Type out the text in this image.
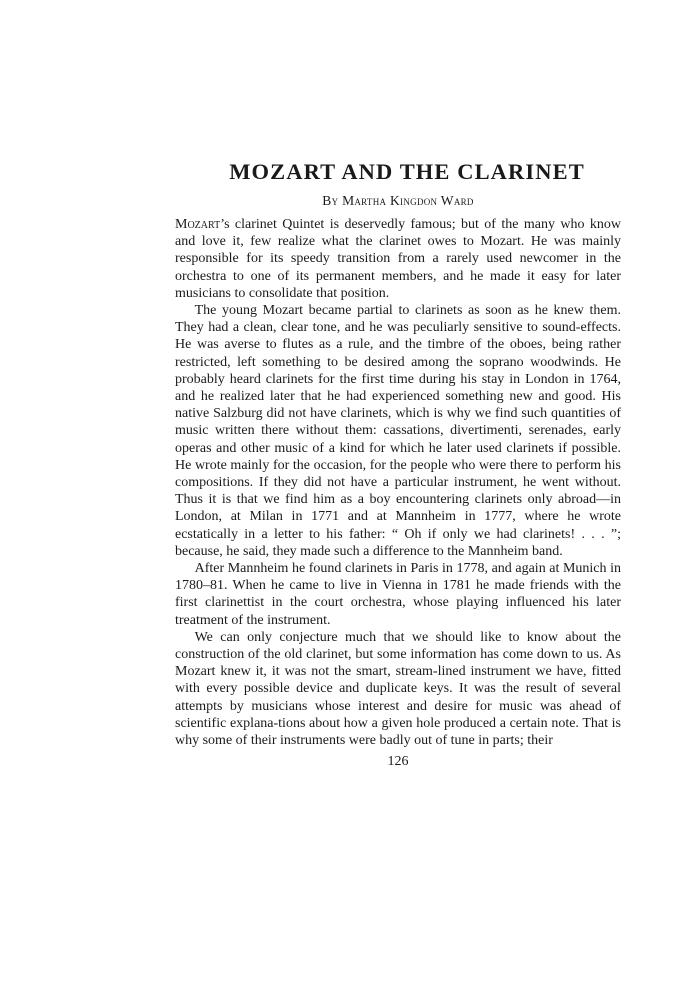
MOZART AND THE CLARINET
By Martha Kingdon Ward

Mozart’s clarinet Quintet is deservedly famous; but of the many who know and love it, few realize what the clarinet owes to Mozart. He was mainly responsible for its speedy transition from a rarely used newcomer in the orchestra to one of its permanent members, and he made it easy for later musicians to consolidate that position.

The young Mozart became partial to clarinets as soon as he knew them. They had a clean, clear tone, and he was peculiarly sensitive to sound-effects. He was averse to flutes as a rule, and the timbre of the oboes, being rather restricted, left something to be desired among the soprano woodwinds. He probably heard clarinets for the first time during his stay in London in 1764, and he realized later that he had experienced something new and good. His native Salzburg did not have clarinets, which is why we find such quantities of music written there without them: cassations, divertimenti, serenades, early operas and other music of a kind for which he later used clarinets if possible. He wrote mainly for the occasion, for the people who were there to perform his compositions. If they did not have a particular instrument, he went without. Thus it is that we find him as a boy encountering clarinets only abroad—in London, at Milan in 1771 and at Mannheim in 1777, where he wrote ecstatically in a letter to his father: “ Oh if only we had clarinets! . . . ”; because, he said, they made such a difference to the Mannheim band.

After Mannheim he found clarinets in Paris in 1778, and again at Munich in 1780–81. When he came to live in Vienna in 1781 he made friends with the first clarinettist in the court orchestra, whose playing influenced his later treatment of the instrument.

We can only conjecture much that we should like to know about the construction of the old clarinet, but some information has come down to us. As Mozart knew it, it was not the smart, stream-lined instrument we have, fitted with every possible device and duplicate keys. It was the result of several attempts by musicians whose interest and desire for music was ahead of scientific explana-tions about how a given hole produced a certain note. That is why some of their instruments were badly out of tune in parts; their

126
